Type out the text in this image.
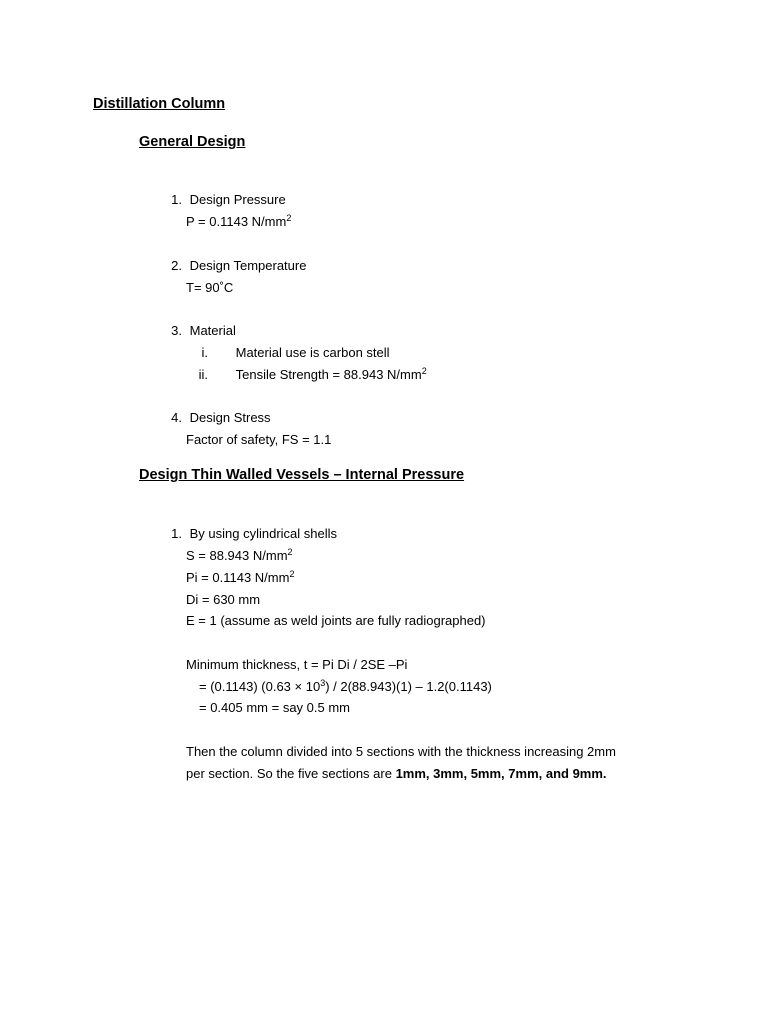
Distillation Column
General Design
1. Design Pressure
P = 0.1143 $N/mm^2$
2. Design Temperature
T= 90˚C
3. Material
i. Material use is carbon stell
ii. Tensile Strength = 88.943 $N/mm^2$
4. Design Stress
Factor of safety, FS = 1.1
Design Thin Walled Vessels – Internal Pressure
1. By using cylindrical shells
S = 88.943 $N/mm^2$
Pi = 0.1143 $N/mm^2$
Di = 630 mm
E = 1 (assume as weld joints are fully radiographed)
Minimum thickness, t = Pi Di / 2SE –Pi
= (0.1143) $(0.63 \times 10^3) / 2(88.943)(1) - 1.2(0.1143)$
= 0.405 mm = say 0.5 mm
Then the column divided into 5 sections with the thickness increasing 2mm
per section. So the five sections are 1mm, 3mm, 5mm, 7mm, and 9mm.
